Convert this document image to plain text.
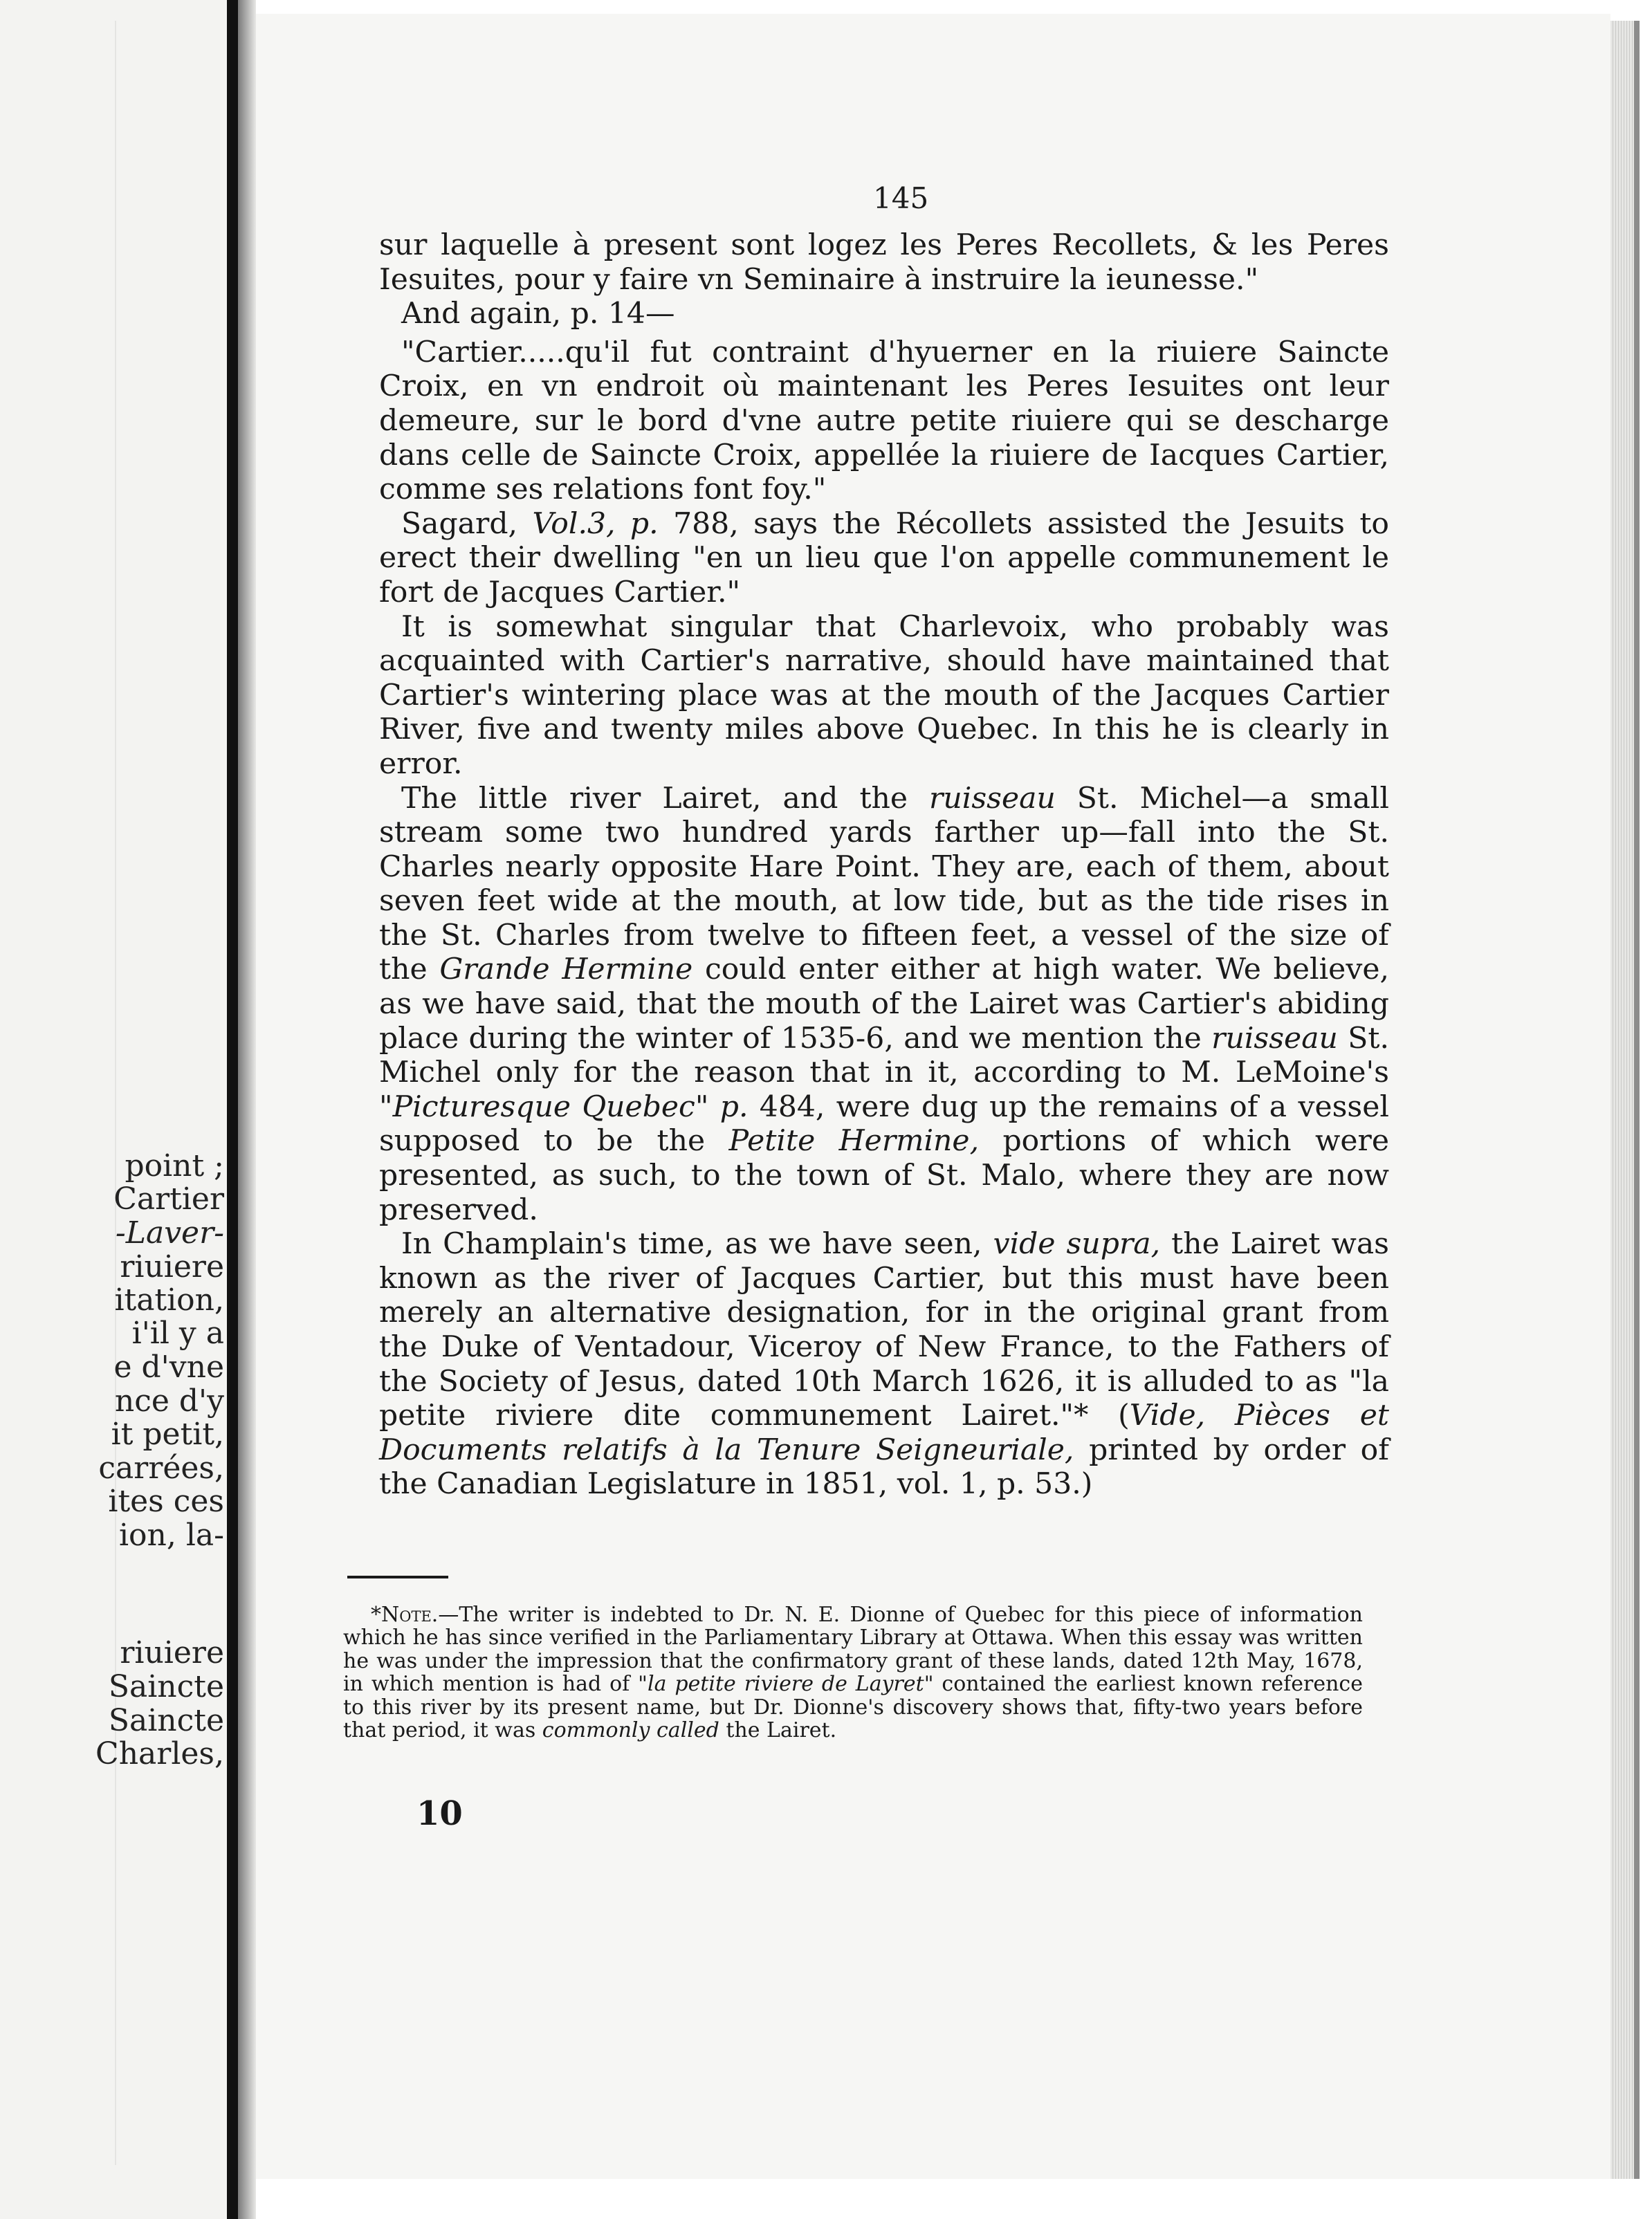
point ;
Cartier
-Laver-
riuiere
itation,
i'il y a
e d'vne
nce d'y
it petit,
carrées,
ites ces
ion, la-
riuiere
Saincte
Saincte
Charles,
145

sur laquelle à present sont logez les Peres Recollets, & les Peres Iesuites, pour y faire vn Seminaire à instruire la ieunesse."

And again, p. 14—

"Cartier.....qu'il fut contraint d'hyuerner en la riuiere Saincte Croix, en vn endroit où maintenant les Peres Iesuites ont leur demeure, sur le bord d'vne autre petite riuiere qui se descharge dans celle de Saincte Croix, appellée la riuiere de Iacques Cartier, comme ses relations font foy."

Sagard, Vol.3, p. 788, says the Récollets assisted the Jesuits to erect their dwelling "en un lieu que l'on appelle communement le fort de Jacques Cartier."

It is somewhat singular that Charlevoix, who probably was acquainted with Cartier's narrative, should have maintained that Cartier's wintering place was at the mouth of the Jacques Cartier River, five and twenty miles above Quebec. In this he is clearly in error.

The little river Lairet, and the ruisseau St. Michel—a small stream some two hundred yards farther up—fall into the St. Charles nearly opposite Hare Point. They are, each of them, about seven feet wide at the mouth, at low tide, but as the tide rises in the St. Charles from twelve to fifteen feet, a vessel of the size of the Grande Hermine could enter either at high water. We believe, as we have said, that the mouth of the Lairet was Cartier's abiding place during the winter of 1535-6, and we mention the ruisseau St. Michel only for the reason that in it, according to M. LeMoine's "Picturesque Quebec" p. 484, were dug up the remains of a vessel supposed to be the Petite Hermine, portions of which were presented, as such, to the town of St. Malo, where they are now preserved.

In Champlain's time, as we have seen, vide supra, the Lairet was known as the river of Jacques Cartier, but this must have been merely an alternative designation, for in the original grant from the Duke of Ventadour, Viceroy of New France, to the Fathers of the Society of Jesus, dated 10th March 1626, it is alluded to as "la petite riviere dite communement Lairet."* (Vide, Pièces et Documents relatifs à la Tenure Seigneuriale, printed by order of the Canadian Legislature in 1851, vol. 1, p. 53.)

*Note.—The writer is indebted to Dr. N. E. Dionne of Quebec for this piece of information which he has since verified in the Parliamentary Library at Ottawa. When this essay was written he was under the impression that the confirmatory grant of these lands, dated 12th May, 1678, in which mention is had of "la petite riviere de Layret" contained the earliest known reference to this river by its present name, but Dr. Dionne's discovery shows that, fifty-two years before that period, it was commonly called the Lairet.

10
